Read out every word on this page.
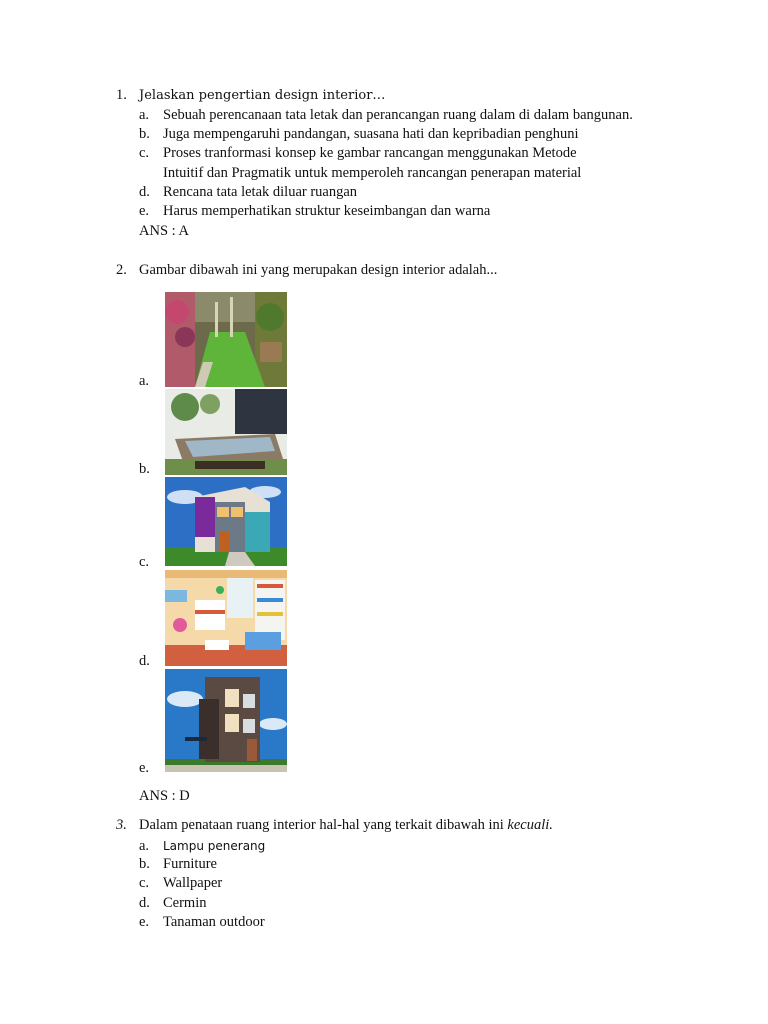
1. Jelaskan pengertian design interior…
a. Sebuah perencanaan tata letak dan perancangan ruang dalam di dalam bangunan.
b. Juga mempengaruhi pandangan, suasana hati dan kepribadian penghuni
c. Proses tranformasi konsep ke gambar rancangan menggunakan Metode
Intuitif dan Pragmatik untuk memperoleh rancangan penerapan material
d. Rencana tata letak diluar ruangan
e. Harus memperhatikan struktur keseimbangan dan warna
ANS : A
2. Gambar dibawah ini yang merupakan design interior adalah...
a.
b.
c.
d.
e.
ANS : D
3. Dalam penataan ruang interior hal-hal yang terkait dibawah ini kecuali.
a. Lampu penerang
b. Furniture
c. Wallpaper
d. Cermin
e. Tanaman outdoor
